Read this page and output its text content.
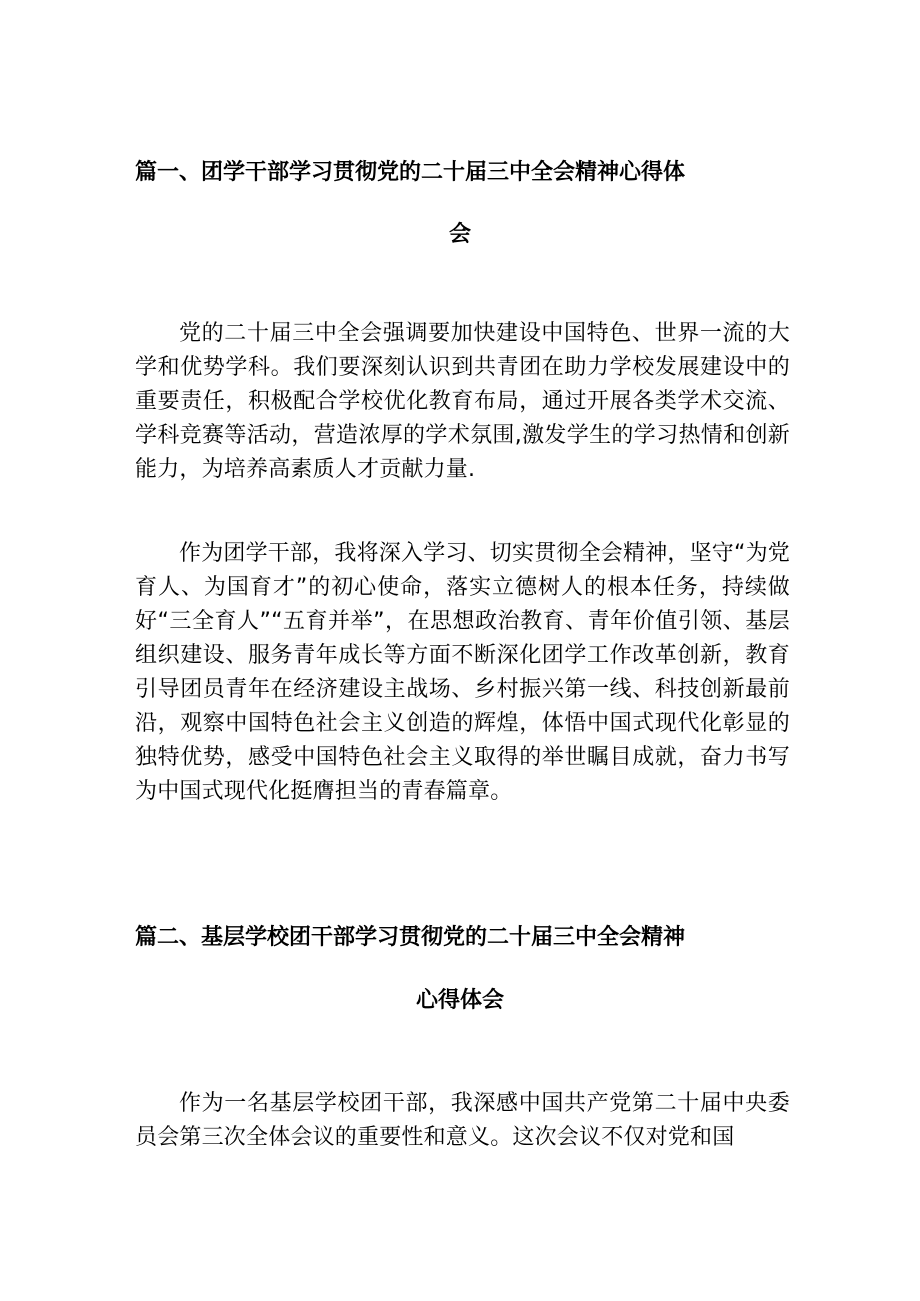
篇一、团学干部学习贯彻党的二十届三中全会精神心得体
会

党的二十届三中全会强调要加快建设中国特色、世界一流的大学和优势学科。我们要深刻认识到共青团在助力学校发展建设中的重要责任，积极配合学校优化教育布局，通过开展各类学术交流、学科竞赛等活动，营造浓厚的学术氛围,激发学生的学习热情和创新能力，为培养高素质人才贡献力量.

作为团学干部，我将深入学习、切实贯彻全会精神，坚守“为党育人、为国育才”的初心使命，落实立德树人的根本任务，持续做好“三全育人”“五育并举”，在思想政治教育、青年价值引领、基层组织建设、服务青年成长等方面不断深化团学工作改革创新，教育引导团员青年在经济建设主战场、乡村振兴第一线、科技创新最前沿，观察中国特色社会主义创造的辉煌，体悟中国式现代化彰显的独特优势，感受中国特色社会主义取得的举世瞩目成就，奋力书写为中国式现代化挺膺担当的青春篇章。

篇二、基层学校团干部学习贯彻党的二十届三中全会精神
心得体会

作为一名基层学校团干部，我深感中国共产党第二十届中央委员会第三次全体会议的重要性和意义。这次会议不仅对党和国
